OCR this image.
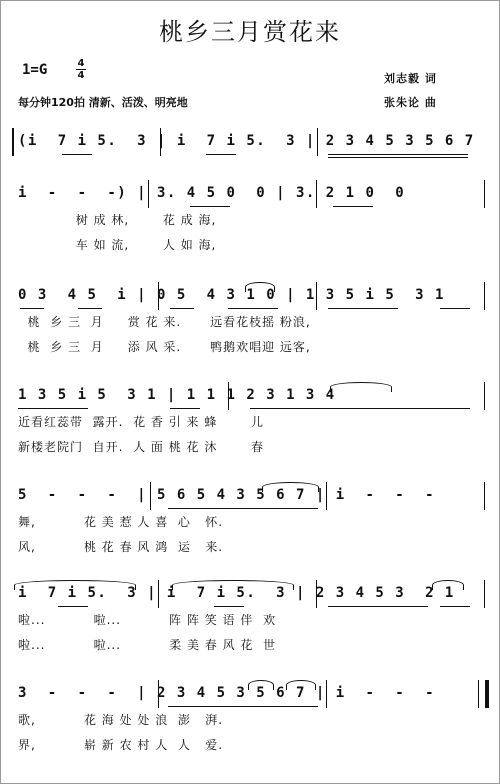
桃乡三月赏花来
1=G	4
4
每分钟120拍 清新、活泼、明亮地
刘志毅 词
张朱论 曲
(i  7 i 5.  3 | i  7 i 5.  3 | 2 3 4 5 3 5 6 7
i  -  -  -) | 3. 4 5 0  0 | 3. 2 1 0  0
树 成 林,       花 成 海,
车 如 流,       人 如 海,
0 3  4 5  i | 0 5  4 3 1 0 | 1 3 5 i 5  3 1
桃  乡 三  月     赏 花 来.      远看花枝摇 粉浪,
桃  乡 三  月     添 风 采.      鸭鹅欢唱迎 远客,
1 3 5 i 5  3 1 | 1 1 1 2 3 1 3 4
近看红蕊带  露开.  花 香 引 来 蜂       儿
新楼老院门  自开.  人 面 桃 花 沐       春
5  -  -  -  | 5 6 5 4 3 5 6 7 | i  -  -  -
舞,          花 美 惹 人 喜  心   怀.
风,          桃 花 春 风 鸿  运   来.
i  7 i 5.  3 | i  7 i 5.  3 | 2 3 4 5 3  2 1
啦...          啦...          阵 阵 笑 语 伴  欢
啦...          啦...          柔 美 春 风 花  世
3  -  -  -  | 2 3 4 5 3 5 6 7 | i  -  -  -
歌,          花 海 处 处 浪  澎   湃.
界,          崭 新 农 村 人  人   爱.
